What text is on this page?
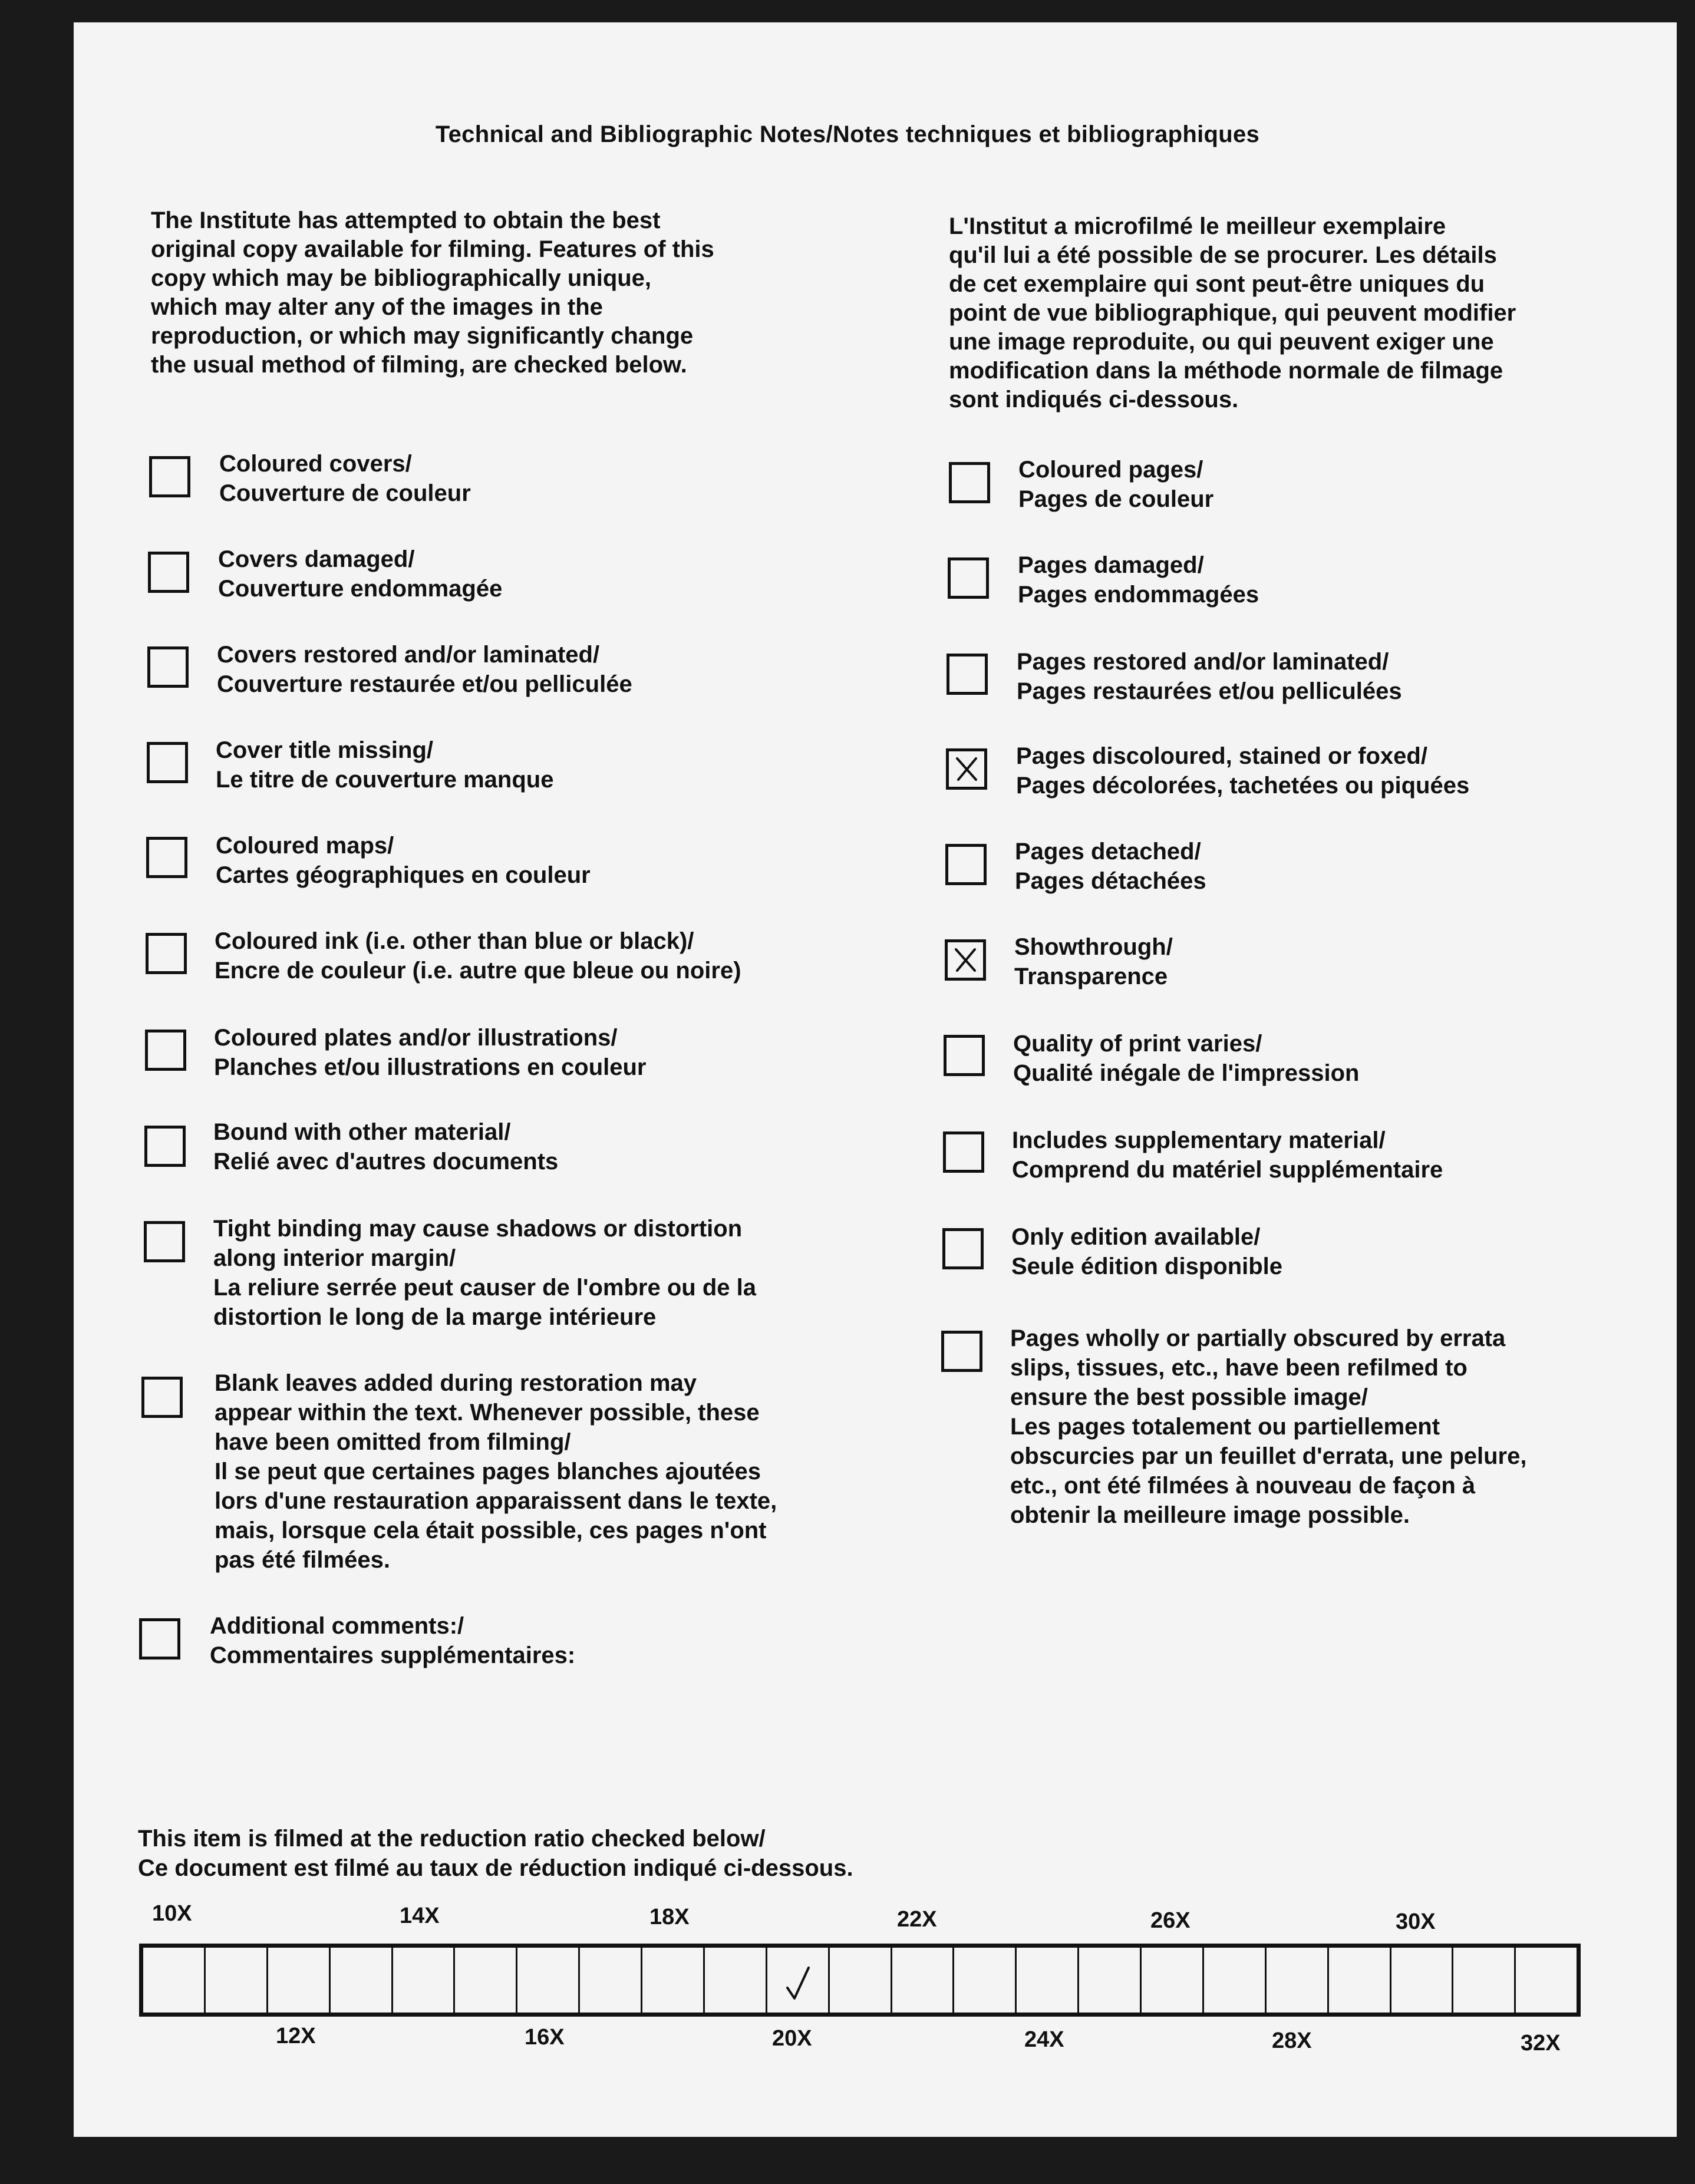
Technical and Bibliographic Notes/Notes techniques et bibliographiques
The Institute has attempted to obtain the best
original copy available for filming. Features of this
copy which may be bibliographically unique,
which may alter any of the images in the
reproduction, or which may significantly change
the usual method of filming, are checked below.
L'Institut a microfilmé le meilleur exemplaire
qu'il lui a été possible de se procurer. Les détails
de cet exemplaire qui sont peut-être uniques du
point de vue bibliographique, qui peuvent modifier
une image reproduite, ou qui peuvent exiger une
modification dans la méthode normale de filmage
sont indiqués ci-dessous.
Coloured covers/
Couverture de couleur
Covers damaged/
Couverture endommagée
Covers restored and/or laminated/
Couverture restaurée et/ou pelliculée
Cover title missing/
Le titre de couverture manque
Coloured maps/
Cartes géographiques en couleur
Coloured ink (i.e. other than blue or black)/
Encre de couleur (i.e. autre que bleue ou noire)
Coloured plates and/or illustrations/
Planches et/ou illustrations en couleur
Bound with other material/
Relié avec d'autres documents
Tight binding may cause shadows or distortion
along interior margin/
La reliure serrée peut causer de l'ombre ou de la
distortion le long de la marge intérieure
Blank leaves added during restoration may
appear within the text. Whenever possible, these
have been omitted from filming/
Il se peut que certaines pages blanches ajoutées
lors d'une restauration apparaissent dans le texte,
mais, lorsque cela était possible, ces pages n'ont
pas été filmées.
Additional comments:/
Commentaires supplémentaires:
Coloured pages/
Pages de couleur
Pages damaged/
Pages endommagées
Pages restored and/or laminated/
Pages restaurées et/ou pelliculées
Pages discoloured, stained or foxed/
Pages décolorées, tachetées ou piquées
Pages detached/
Pages détachées
Showthrough/
Transparence
Quality of print varies/
Qualité inégale de l'impression
Includes supplementary material/
Comprend du matériel supplémentaire
Only edition available/
Seule édition disponible
Pages wholly or partially obscured by errata
slips, tissues, etc., have been refilmed to
ensure the best possible image/
Les pages totalement ou partiellement
obscurcies par un feuillet d'errata, une pelure,
etc., ont été filmées à nouveau de façon à
obtenir la meilleure image possible.
This item is filmed at the reduction ratio checked below/
Ce document est filmé au taux de réduction indiqué ci-dessous.
10X	14X	18X	22X	26X	30X
12X	16X	20X	24X	28X	32X
